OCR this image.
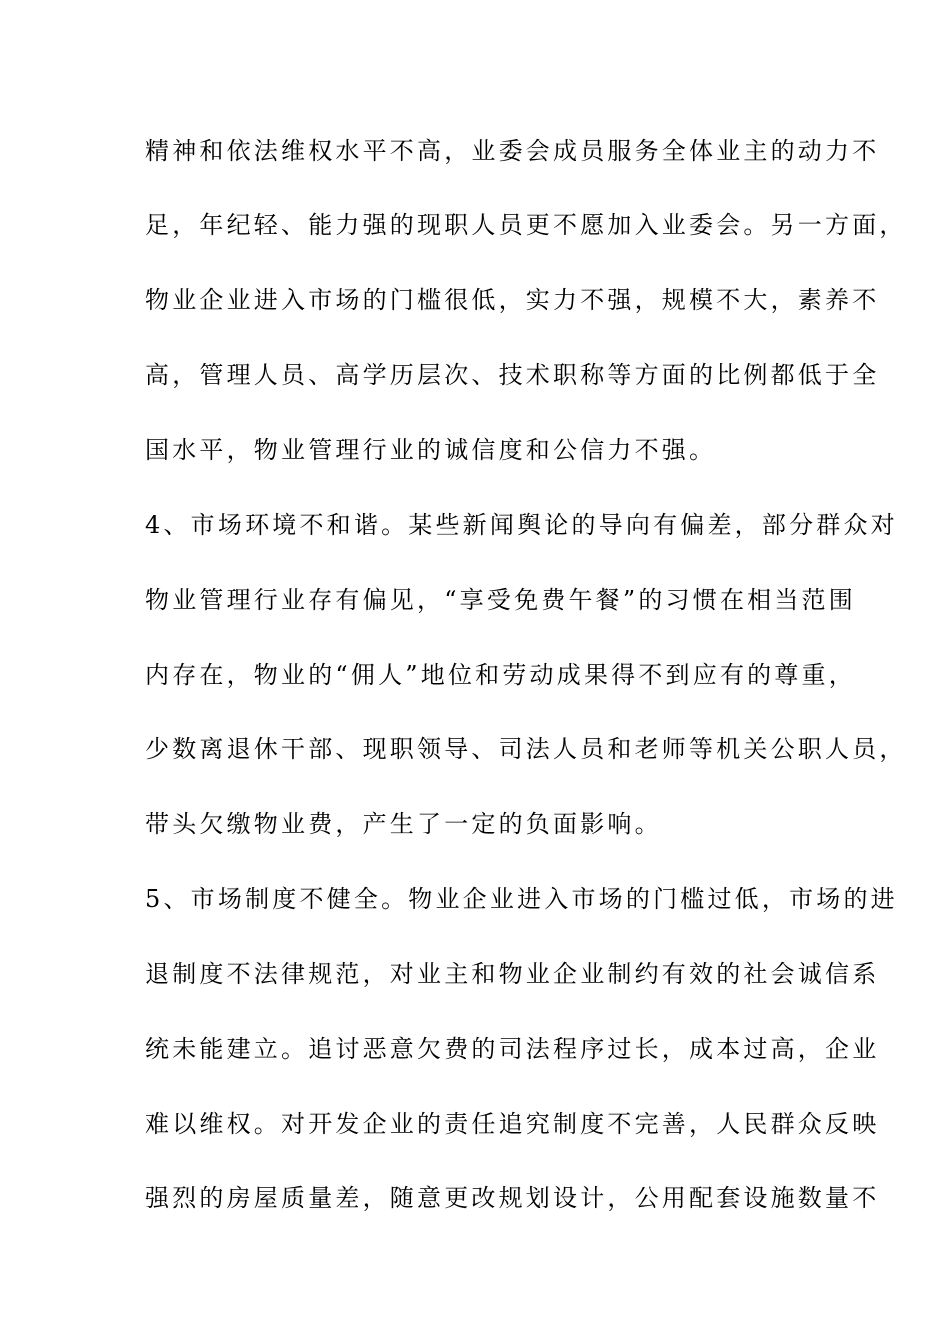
精神和依法维权水平不高，业委会成员服务全体业主的动力不
足，年纪轻、能力强的现职人员更不愿加入业委会。另一方面，
物业企业进入市场的门槛很低，实力不强，规模不大，素养不
高，管理人员、高学历层次、技术职称等方面的比例都低于全
国水平，物业管理行业的诚信度和公信力不强。
4、市场环境不和谐。某些新闻舆论的导向有偏差，部分群众对
物业管理行业存有偏见，“享受免费午餐”的习惯在相当范围
内存在，物业的“佣人”地位和劳动成果得不到应有的尊重，
少数离退休干部、现职领导、司法人员和老师等机关公职人员，
带头欠缴物业费，产生了一定的负面影响。
5、市场制度不健全。物业企业进入市场的门槛过低，市场的进
退制度不法律规范，对业主和物业企业制约有效的社会诚信系
统未能建立。追讨恶意欠费的司法程序过长，成本过高，企业
难以维权。对开发企业的责任追究制度不完善，人民群众反映
强烈的房屋质量差，随意更改规划设计，公用配套设施数量不
